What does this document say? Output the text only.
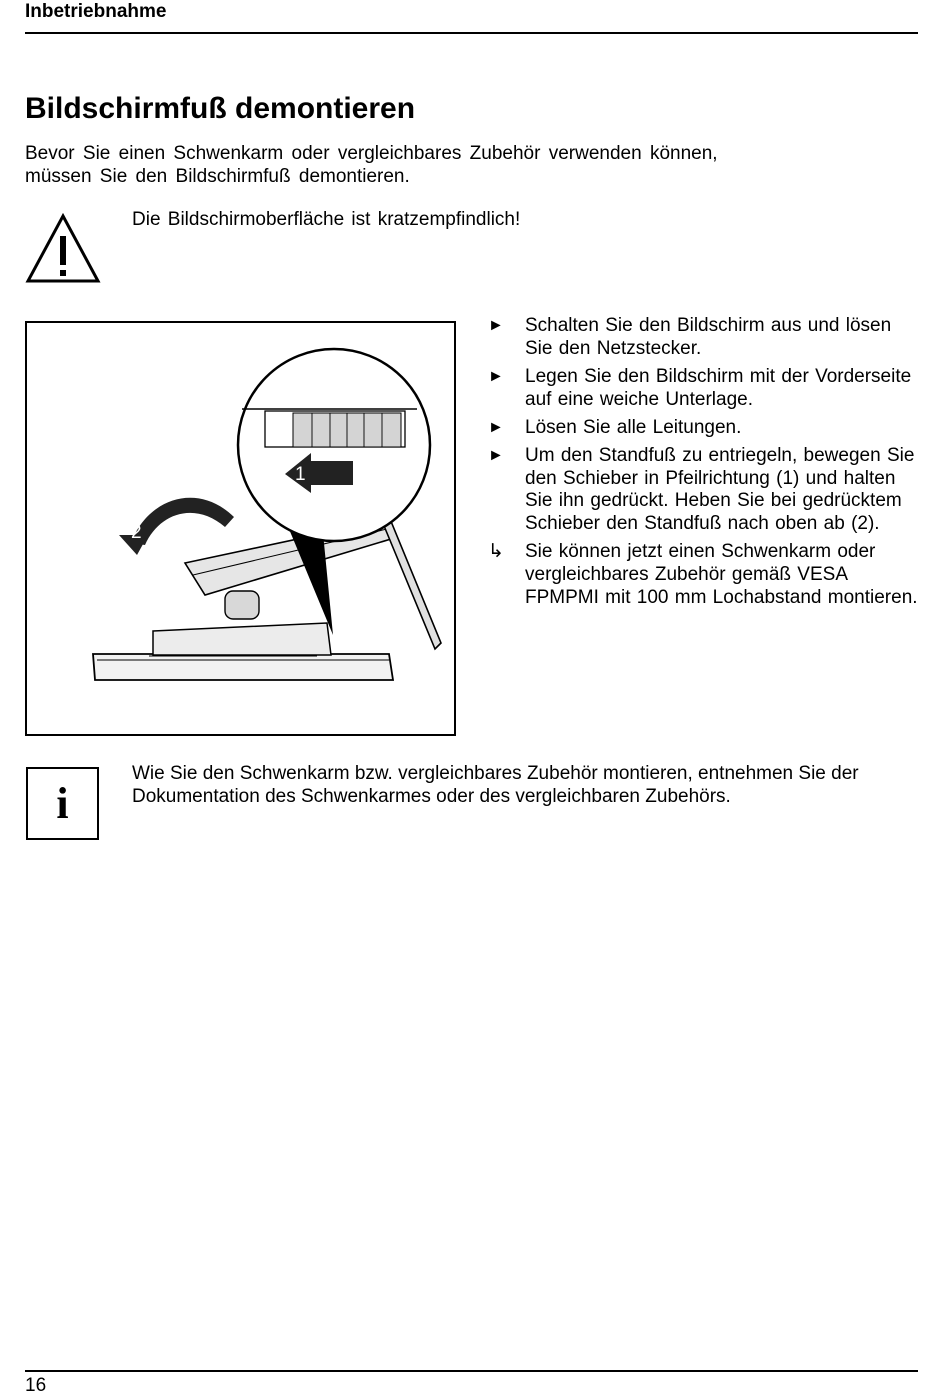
Inbetriebnahme
Bildschirmfuß demontieren

Bevor Sie einen Schwenkarm oder vergleichbares Zubehör verwenden können, müssen Sie den Bildschirmfuß demontieren.

Die Bildschirmoberfläche ist kratzempfindlich!
1
2
►	Schalten Sie den Bildschirm aus und lösen Sie den Netzstecker.
►	Legen Sie den Bildschirm mit der Vorderseite auf eine weiche Unterlage.
►	Lösen Sie alle Leitungen.
►	Um den Standfuß zu entriegeln, bewegen Sie den Schieber in Pfeilrichtung (1) und halten Sie ihn gedrückt. Heben Sie bei gedrücktem Schieber den Standfuß nach oben ab (2).
↳	Sie können jetzt einen Schwenkarm oder vergleichbares Zubehör gemäß VESA FPMPMI mit 100 mm Lochabstand montieren.
i
Wie Sie den Schwenkarm bzw. vergleichbares Zubehör montieren, entnehmen Sie der Dokumentation des Schwenkarmes oder des vergleichbaren Zubehörs.
16
